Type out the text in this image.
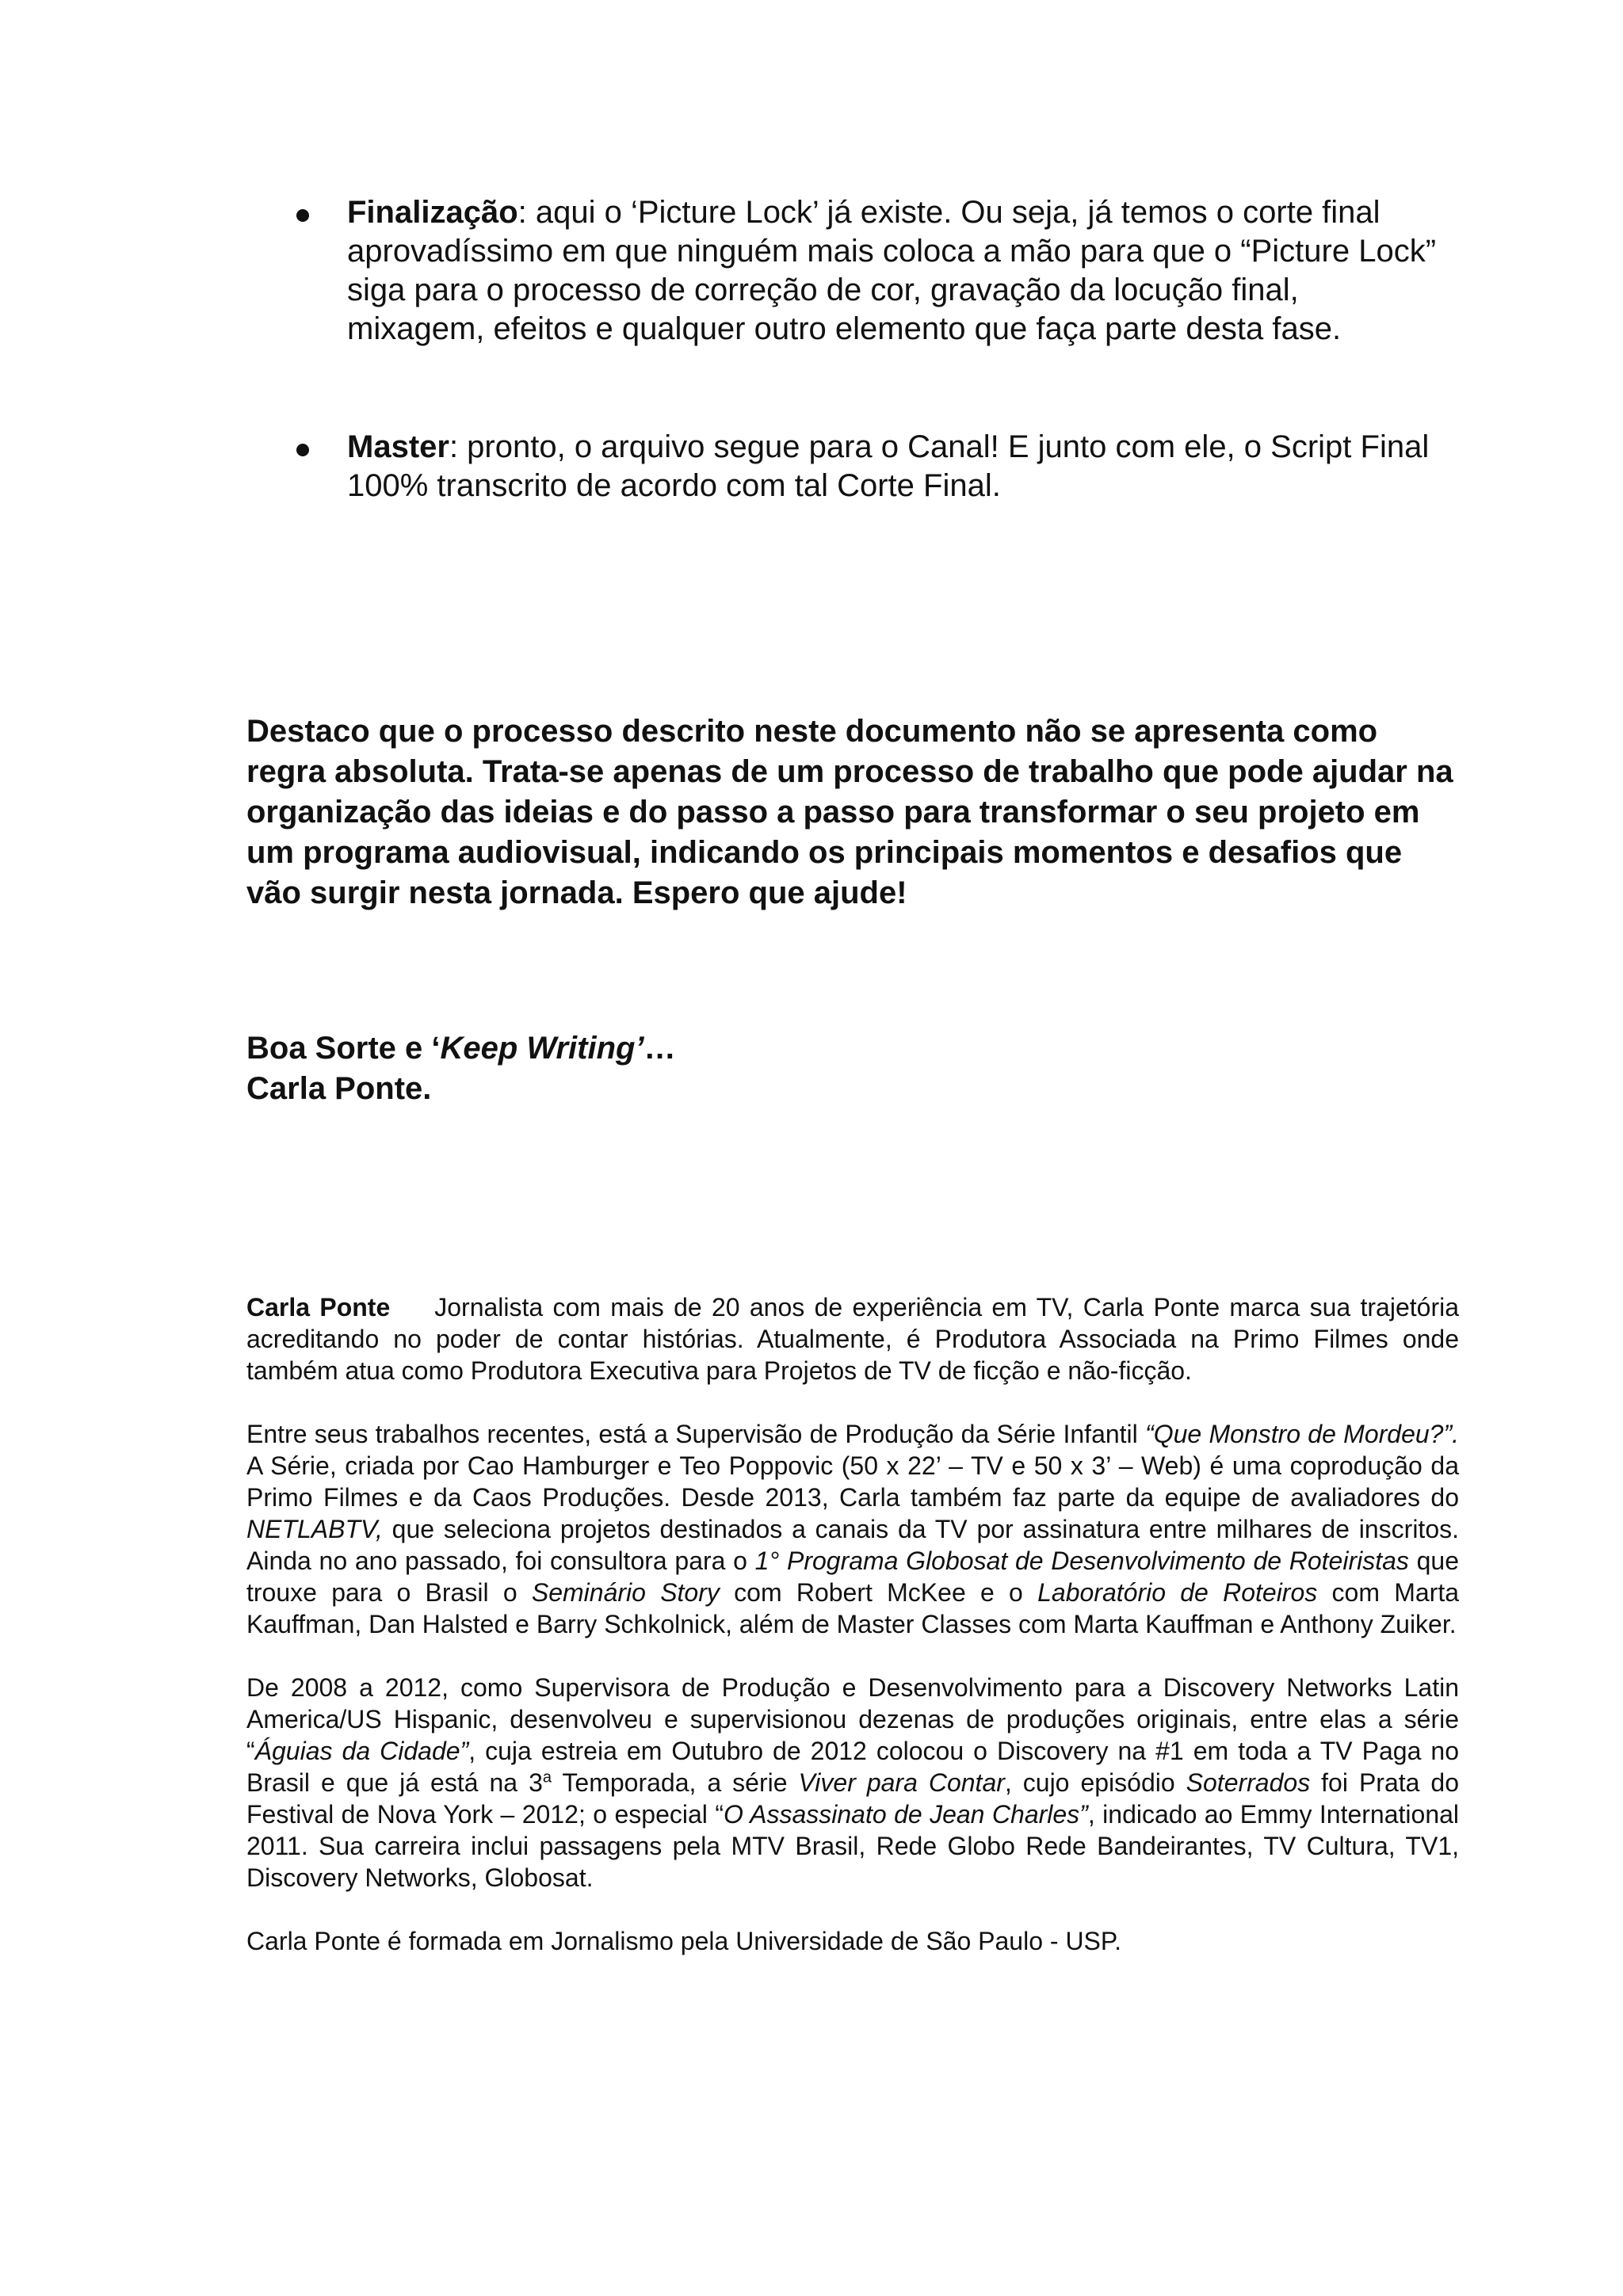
Finalização: aqui o ‘Picture Lock’ já existe. Ou seja, já temos o corte final aprovadíssimo em que ninguém mais coloca a mão para que o “Picture Lock” siga para o processo de correção de cor, gravação da locução final, mixagem, efeitos e qualquer outro elemento que faça parte desta fase.
Master: pronto, o arquivo segue para o Canal! E junto com ele, o Script Final 100% transcrito de acordo com tal Corte Final.

Destaco que o processo descrito neste documento não se apresenta como regra absoluta. Trata-se apenas de um processo de trabalho que pode ajudar na organização das ideias e do passo a passo para transformar o seu projeto em um programa audiovisual, indicando os principais momentos e desafios que vão surgir nesta jornada. Espero que ajude!

Boa Sorte e ‘Keep Writing’…
Carla Ponte.

Carla Ponte Jornalista com mais de 20 anos de experiência em TV, Carla Ponte marca sua trajetória acreditando no poder de contar histórias. Atualmente, é Produtora Associada na Primo Filmes onde também atua como Produtora Executiva para Projetos de TV de ficção e não-ficção.

Entre seus trabalhos recentes, está a Supervisão de Produção da Série Infantil “Que Monstro de Mordeu?”. A Série, criada por Cao Hamburger e Teo Poppovic (50 x 22’ – TV e 50 x 3’ – Web) é uma coprodução da Primo Filmes e da Caos Produções. Desde 2013, Carla também faz parte da equipe de avaliadores do NETLABTV, que seleciona projetos destinados a canais da TV por assinatura entre milhares de inscritos. Ainda no ano passado, foi consultora para o 1° Programa Globosat de Desenvolvimento de Roteiristas que trouxe para o Brasil o Seminário Story com Robert McKee e o Laboratório de Roteiros com Marta Kauffman, Dan Halsted e Barry Schkolnick, além de Master Classes com Marta Kauffman e Anthony Zuiker.

De 2008 a 2012, como Supervisora de Produção e Desenvolvimento para a Discovery Networks Latin America/US Hispanic, desenvolveu e supervisionou dezenas de produções originais, entre elas a série “Águias da Cidade”, cuja estreia em Outubro de 2012 colocou o Discovery na #1 em toda a TV Paga no Brasil e que já está na 3$^a$ Temporada, a série Viver para Contar, cujo episódio Soterrados foi Prata do Festival de Nova York – 2012; o especial “O Assassinato de Jean Charles”, indicado ao Emmy International 2011. Sua carreira inclui passagens pela MTV Brasil, Rede Globo Rede Bandeirantes, TV Cultura, TV1, Discovery Networks, Globosat.

Carla Ponte é formada em Jornalismo pela Universidade de São Paulo - USP.
